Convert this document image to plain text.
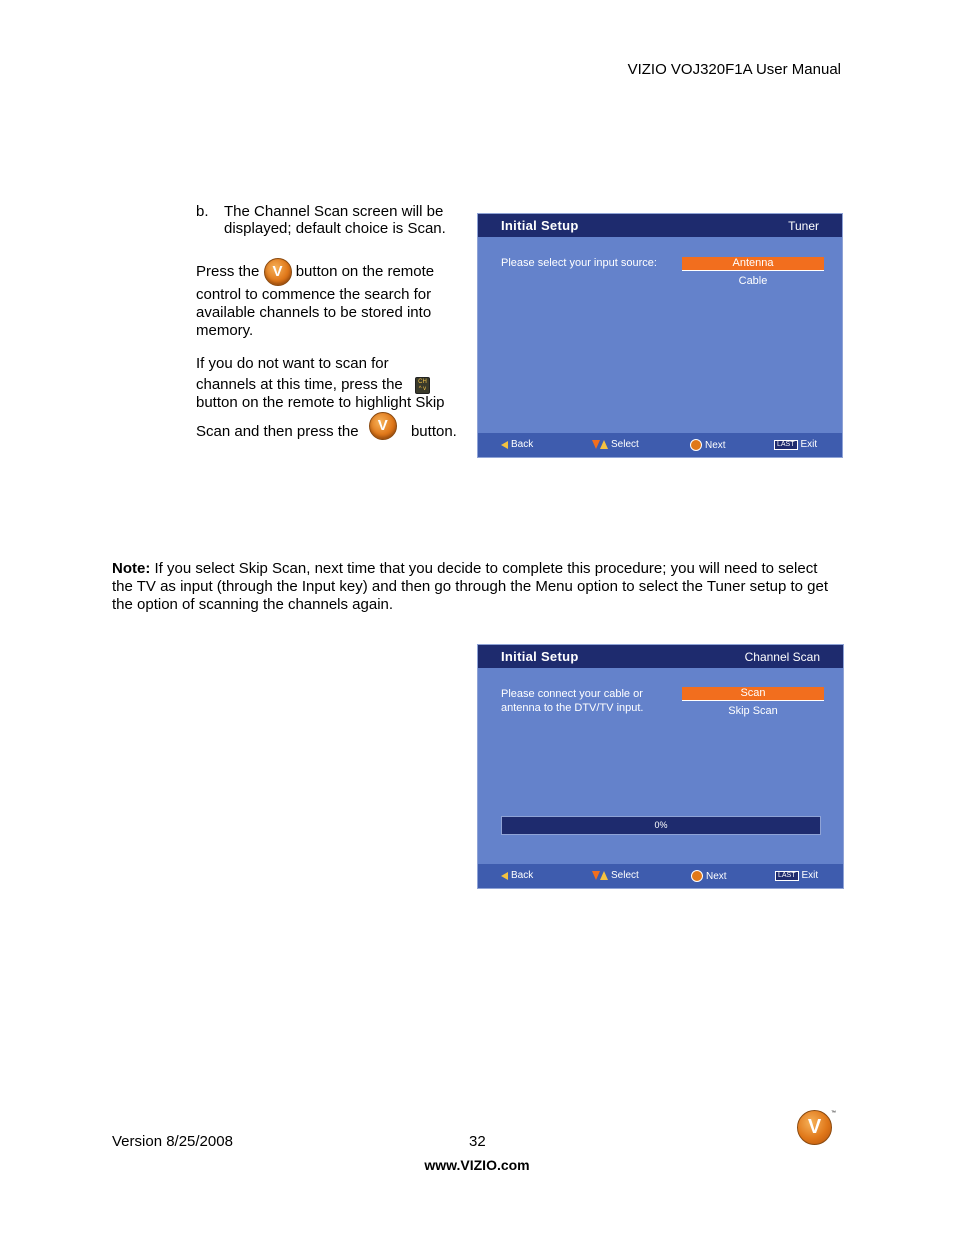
VIZIO VOJ320F1A User Manual
b. The Channel Scan screen will be displayed; default choice is Scan.
Press the V button on the remote control to commence the search for available channels to be stored into memory.
If you do not want to scan for
channels at this time, press the	CH ^ v
button on the remote to highlight Skip
Scan and then press the V button.
Initial Setup	Tuner
Please select your input source:	Antenna
Cable
Back	Select	Next	LAST Exit
Note: If you select Skip Scan, next time that you decide to complete this procedure; you will need to select the TV as input (through the Input key) and then go through the Menu option to select the Tuner setup to get the option of scanning the channels again.
Initial Setup	Channel Scan
Please connect your cable or
antenna to the DTV/TV input.
Scan
Skip Scan
0%
Back	Select	Next	LAST Exit
Version 8/25/2008	32
www.VIZIO.com
V
™
